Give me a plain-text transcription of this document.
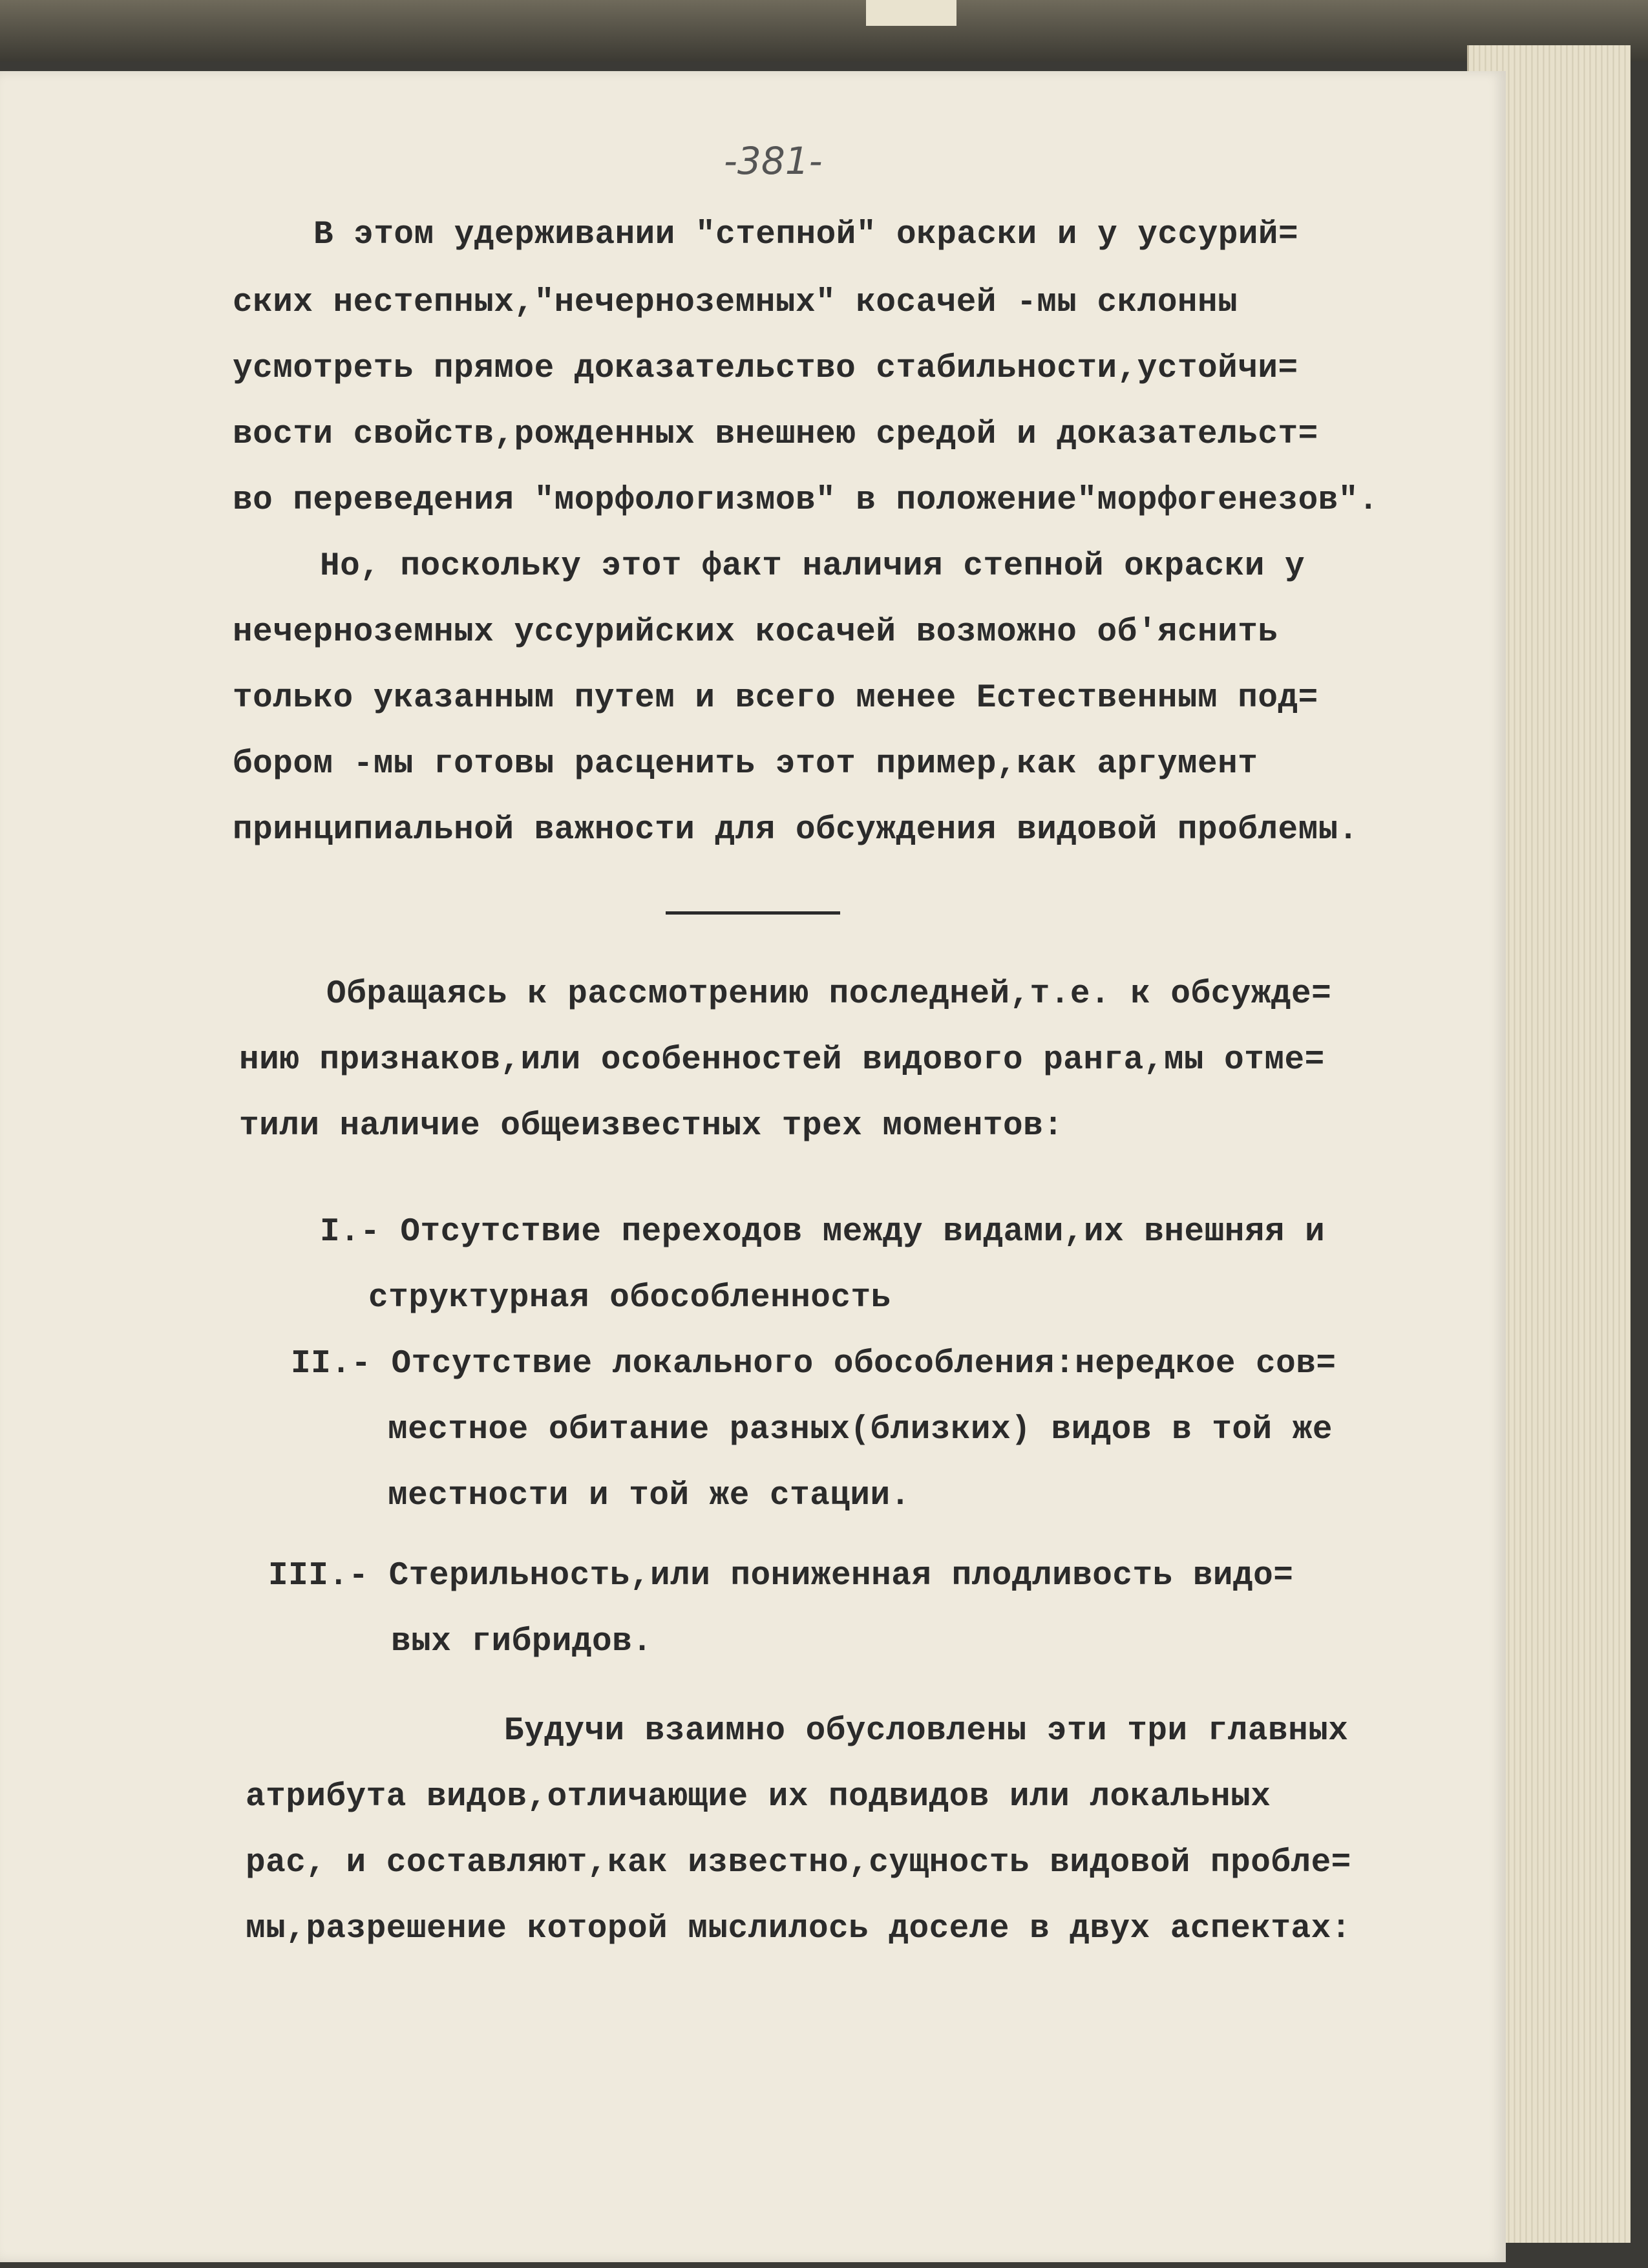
-381-

В этом удерживании "степной" окраски и у уссурий=

ских нестепных,"нечерноземных" косачей -мы склонны

усмотреть прямое доказательство стабильности,устойчи=

вости свойств,рожденных внешнею средой и доказательст=

во переведения "морфологизмов" в положение"морфогенезов".

Но, поскольку этот факт наличия степной окраски у

нечерноземных уссурийских косачей возможно об'яснить

только указанным путем и всего менее Естественным под=

бором -мы готовы расценить этот пример,как аргумент

принципиальной важности для обсуждения видовой проблемы.

Обращаясь к рассмотрению последней,т.е. к обсужде=

нию признаков,или особенностей видового ранга,мы отме=

тили наличие общеизвестных трех моментов:

I.- Отсутствие переходов между видами,их внешняя и

структурная обособленность

II.- Отсутствие локального обособления:нередкое сов=

местное обитание разных(близких) видов в той же

местности и той же стации.

III.- Стерильность,или пониженная плодливость видо=

вых гибридов.

Будучи взаимно обусловлены эти три главных

атрибута видов,отличающие их подвидов или локальных

рас, и составляют,как известно,сущность видовой пробле=

мы,разрешение которой мыслилось доселе в двух аспектах:
